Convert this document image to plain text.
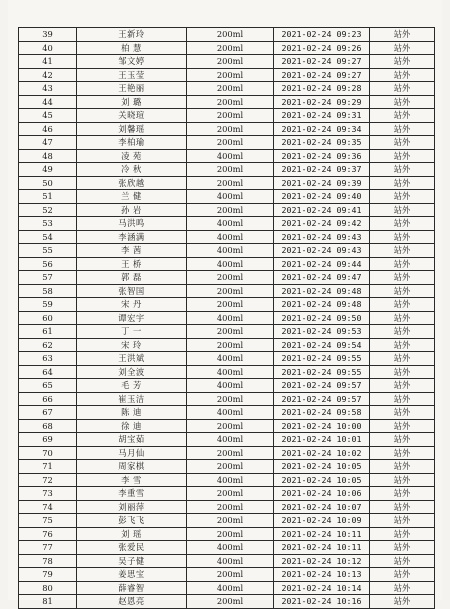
39	王新玲	200ml	2021-02-24 09:23	站外
40	柏 慧	200ml	2021-02-24 09:26	站外
41	邹文婷	200ml	2021-02-24 09:27	站外
42	王玉莹	200ml	2021-02-24 09:27	站外
43	王艳丽	200ml	2021-02-24 09:28	站外
44	刘 璐	200ml	2021-02-24 09:29	站外
45	关晓瑄	200ml	2021-02-24 09:31	站外
46	刘馨瑶	200ml	2021-02-24 09:34	站外
47	李柏瑜	200ml	2021-02-24 09:35	站外
48	凌 苑	400ml	2021-02-24 09:36	站外
49	冷 秋	200ml	2021-02-24 09:37	站外
50	张欣越	200ml	2021-02-24 09:39	站外
51	兰 健	400ml	2021-02-24 09:40	站外
52	孙 岩	200ml	2021-02-24 09:41	站外
53	马洪鸣	400ml	2021-02-24 09:42	站外
54	李涵满	400ml	2021-02-24 09:43	站外
55	李 茜	400ml	2021-02-24 09:43	站外
56	王 桥	400ml	2021-02-24 09:44	站外
57	郭 磊	200ml	2021-02-24 09:47	站外
58	张智国	200ml	2021-02-24 09:48	站外
59	宋 丹	200ml	2021-02-24 09:48	站外
60	谭宏宇	400ml	2021-02-24 09:50	站外
61	丁 一	200ml	2021-02-24 09:53	站外
62	宋 玲	200ml	2021-02-24 09:54	站外
63	王洪斌	400ml	2021-02-24 09:55	站外
64	刘全波	400ml	2021-02-24 09:55	站外
65	毛 芳	400ml	2021-02-24 09:57	站外
66	崔玉洁	200ml	2021-02-24 09:57	站外
67	陈 迪	400ml	2021-02-24 09:58	站外
68	徐 迪	200ml	2021-02-24 10:00	站外
69	胡宝茹	400ml	2021-02-24 10:01	站外
70	马月仙	200ml	2021-02-24 10:02	站外
71	周家棋	200ml	2021-02-24 10:05	站外
72	李 雪	400ml	2021-02-24 10:05	站外
73	李重雪	200ml	2021-02-24 10:06	站外
74	刘丽萍	200ml	2021-02-24 10:07	站外
75	彭飞飞	200ml	2021-02-24 10:09	站外
76	刘 瑶	200ml	2021-02-24 10:11	站外
77	张爱民	400ml	2021-02-24 10:11	站外
78	吴子健	400ml	2021-02-24 10:12	站外
79	姜思宝	200ml	2021-02-24 10:13	站外
80	薛睿智	400ml	2021-02-24 10:14	站外
81	赵恩亮	200ml	2021-02-24 10:16	站外
